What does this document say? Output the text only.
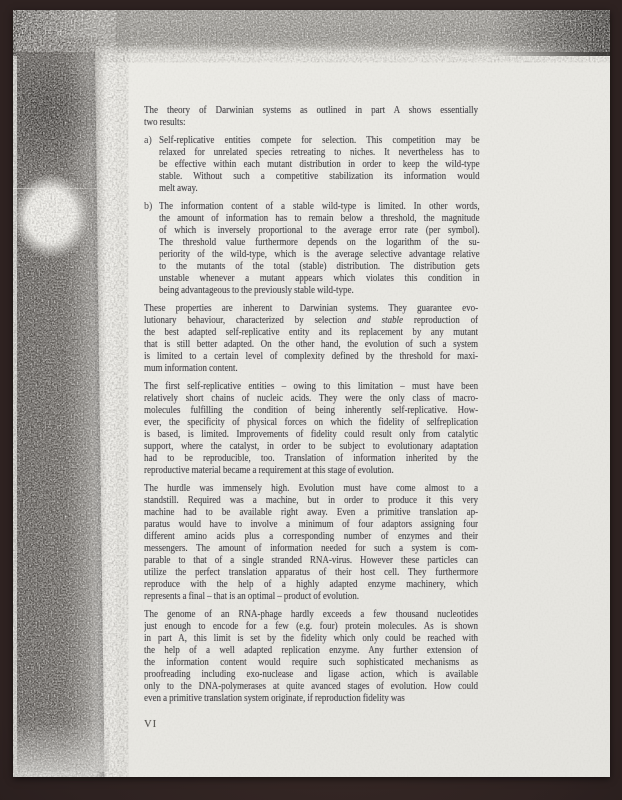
The theory of Darwinian systems as outlined in part A shows essentially
two results:
a) Self-replicative entities compete for selection. This competition may be
relaxed for unrelated species retreating to niches. It nevertheless has to
be effective within each mutant distribution in order to keep the wild-type
stable. Without such a competitive stabilization its information would
melt away.
b) The information content of a stable wild-type is limited. In other words,
the amount of information has to remain below a threshold, the magnitude
of which is inversely proportional to the average error rate (per symbol).
The threshold value furthermore depends on the logarithm of the su-
periority of the wild-type, which is the average selective advantage relative
to the mutants of the total (stable) distribution. The distribution gets
unstable whenever a mutant appears which violates this condition in
being advantageous to the previously stable wild-type.
These properties are inherent to Darwinian systems. They guarantee evo-
lutionary behaviour, characterized by selection and stable reproduction of
the best adapted self-replicative entity and its replacement by any mutant
that is still better adapted. On the other hand, the evolution of such a system
is limited to a certain level of complexity defined by the threshold for maxi-
mum information content.
The first self-replicative entities – owing to this limitation – must have been
relatively short chains of nucleic acids. They were the only class of macro-
molecules fulfilling the condition of being inherently self-replicative. How-
ever, the specificity of physical forces on which the fidelity of selfreplication
is based, is limited. Improvements of fidelity could result only from catalytic
support, where the catalyst, in order to be subject to evolutionary adaptation
had to be reproducible, too. Translation of information inherited by the
reproductive material became a requirement at this stage of evolution.
The hurdle was immensely high. Evolution must have come almost to a
standstill. Required was a machine, but in order to produce it this very
machine had to be available right away. Even a primitive translation ap-
paratus would have to involve a minimum of four adaptors assigning four
different amino acids plus a corresponding number of enzymes and their
messengers. The amount of information needed for such a system is com-
parable to that of a single stranded RNA-virus. However these particles can
utilize the perfect translation apparatus of their host cell. They furthermore
reproduce with the help of a highly adapted enzyme machinery, which
represents a final – that is an optimal – product of evolution.
The genome of an RNA-phage hardly exceeds a few thousand nucleotides
just enough to encode for a few (e.g. four) protein molecules. As is shown
in part A, this limit is set by the fidelity which only could be reached with
the help of a well adapted replication enzyme. Any further extension of
the information content would require such sophisticated mechanisms as
proofreading including exo-nuclease and ligase action, which is available
only to the DNA-polymerases at quite avanced stages of evolution. How could
even a primitive translation system originate, if reproduction fidelity was
VI
